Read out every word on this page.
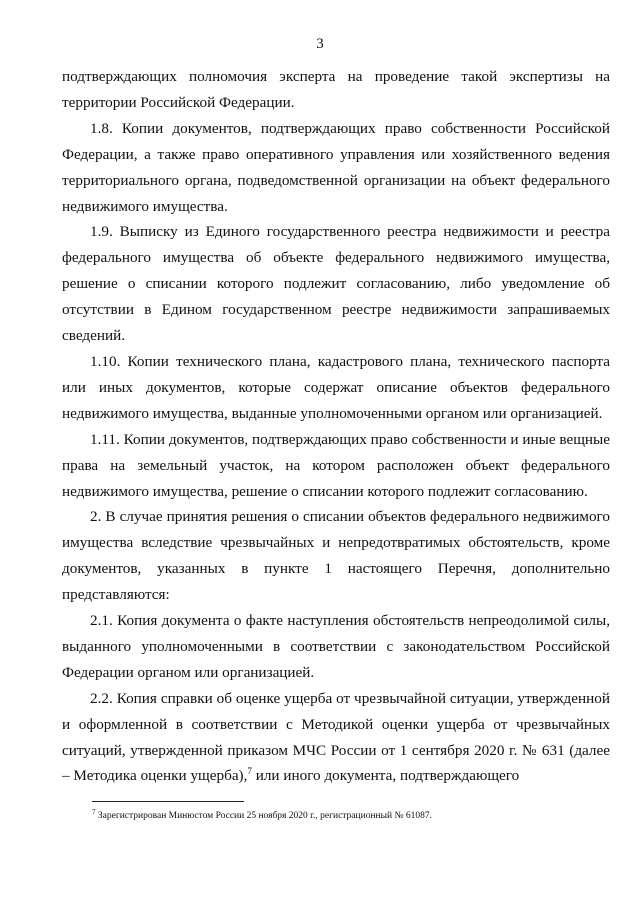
3

подтверждающих полномочия эксперта на проведение такой экспертизы на территории Российской Федерации.

1.8. Копии документов, подтверждающих право собственности Российской Федерации, а также право оперативного управления или хозяйственного ведения территориального органа, подведомственной организации на объект федерального недвижимого имущества.

1.9. Выписку из Единого государственного реестра недвижимости и реестра федерального имущества об объекте федерального недвижимого имущества, решение о списании которого подлежит согласованию, либо уведомление об отсутствии в Едином государственном реестре недвижимости запрашиваемых сведений.

1.10. Копии технического плана, кадастрового плана, технического паспорта или иных документов, которые содержат описание объектов федерального недвижимого имущества, выданные уполномоченными органом или организацией.

1.11. Копии документов, подтверждающих право собственности и иные вещные права на земельный участок, на котором расположен объект федерального недвижимого имущества, решение о списании которого подлежит согласованию.

2. В случае принятия решения о списании объектов федерального недвижимого имущества вследствие чрезвычайных и непредотвратимых обстоятельств, кроме документов, указанных в пункте 1 настоящего Перечня, дополнительно представляются:

2.1. Копия документа о факте наступления обстоятельств непреодолимой силы, выданного уполномоченными в соответствии с законодательством Российской Федерации органом или организацией.

2.2. Копия справки об оценке ущерба от чрезвычайной ситуации, утвержденной и оформленной в соответствии с Методикой оценки ущерба от чрезвычайных ситуаций, утвержденной приказом МЧС России от 1 сентября 2020 г. № 631 (далее – Методика оценки ущерба),$^7$ или иного документа, подтверждающего

$^7$ Зарегистрирован Минюстом России 25 ноября 2020 г., регистрационный № 61087.
